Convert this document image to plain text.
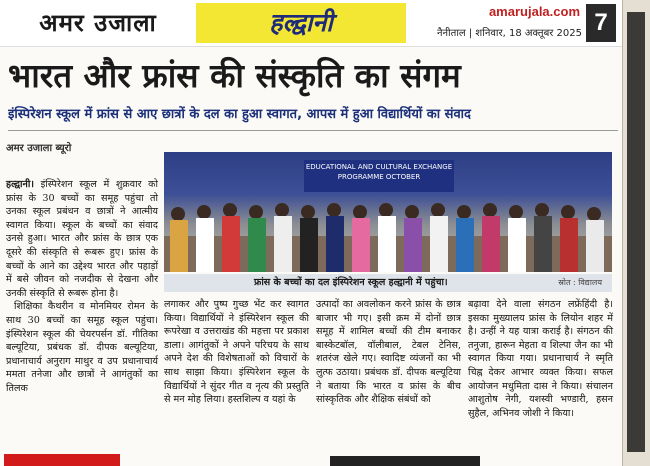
अमर उजाला	हल्द्वानी	amarujala.com
नैनीताल | शनिवार, 18 अक्तूबर 2025 7
भारत और फ्रांस की संस्कृति का संगम
इंस्पिरेशन स्कूल में फ्रांस से आए छात्रों के दल का हुआ स्वागत, आपस में हुआ विद्यार्थियों का संवाद
अमर उजाला ब्यूरो

हल्द्वानी। इंस्पिरेशन स्कूल में शुक्रवार को फ्रांस के 30 बच्चों का समूह पहुंचा तो उनका स्कूल प्रबंधन व छात्रों ने आत्मीय स्वागत किया। स्कूल के बच्चों का संवाद उनसे हुआ। भारत और फ्रांस के छात्र एक दूसरे की संस्कृति से रूबरू हुए। फ्रांस के बच्चों के आने का उद्देश्य भारत और पहाड़ों में बसे जीवन को नजदीक से देखना और उनकी संस्कृति से रूबरू होना है।

शिक्षिका कैथरीन व मोनमियर रोमन के साथ 30 बच्चों का समूह स्कूल पहुंचा। इंस्पिरेशन स्कूल की चेयरपर्सन डॉ. गीतिका बल्यूटिया, प्रबंधक डॉ. दीपक बल्यूटिया, प्रधानाचार्य अनुराग माथुर व उप प्रधानाचार्य ममता तनेजा और छात्रों ने आगंतुकों का तिलक

EDUCATIONAL AND CULTURAL EXCHANGE PROGRAMME OCTOBER
फ्रांस के बच्चों का दल इंस्पिरेशन स्कूल हल्द्वानी में पहुंचा।	स्रोत : विद्यालय
लगाकर और पुष्प गुच्छ भेंट कर स्वागत किया। विद्यार्थियों ने इंस्पिरेशन स्कूल की रूपरेखा व उत्तराखंड की महत्ता पर प्रकाश डाला। आगंतुकों ने अपने परिचय के साथ अपने देश की विशेषताओं को विचारों के साथ साझा किया। इंस्पिरेशन स्कूल के विद्यार्थियों ने सुंदर गीत व नृत्य की प्रस्तुति से मन मोह लिया। हस्तशिल्प व यहां के
उत्पादों का अवलोकन करने फ्रांस के छात्र बाजार भी गए। इसी क्रम में दोनों छात्र समूह में शामिल बच्चों की टीम बनाकर बास्केटबॉल, वॉलीबाल, टेबल टेनिस, शतरंज खेले गए। स्वादिष्ट व्यंजनों का भी लुत्फ उठाया। प्रबंधक डॉ. दीपक बल्यूटिया ने बताया कि भारत व फ्रांस के बीच सांस्कृतिक और शैक्षिक संबंधों को
बढ़ावा देने वाला संगठन लफ्रेंहिंदी है। इसका मुख्यालय फ्रांस के लियोन शहर में है। उन्हीं ने यह यात्रा कराई है। संगठन की तनुजा, हारून मेहता व शिल्पा जैन का भी स्वागत किया गया। प्रधानाचार्य ने स्मृति चिह्न देकर आभार व्यक्त किया। सफल आयोजन मधुमिता दास ने किया। संचालन आशुतोष नेगी, यशस्वी भण्डारी, हसन सुहैल, अभिनव जोशी ने किया।
